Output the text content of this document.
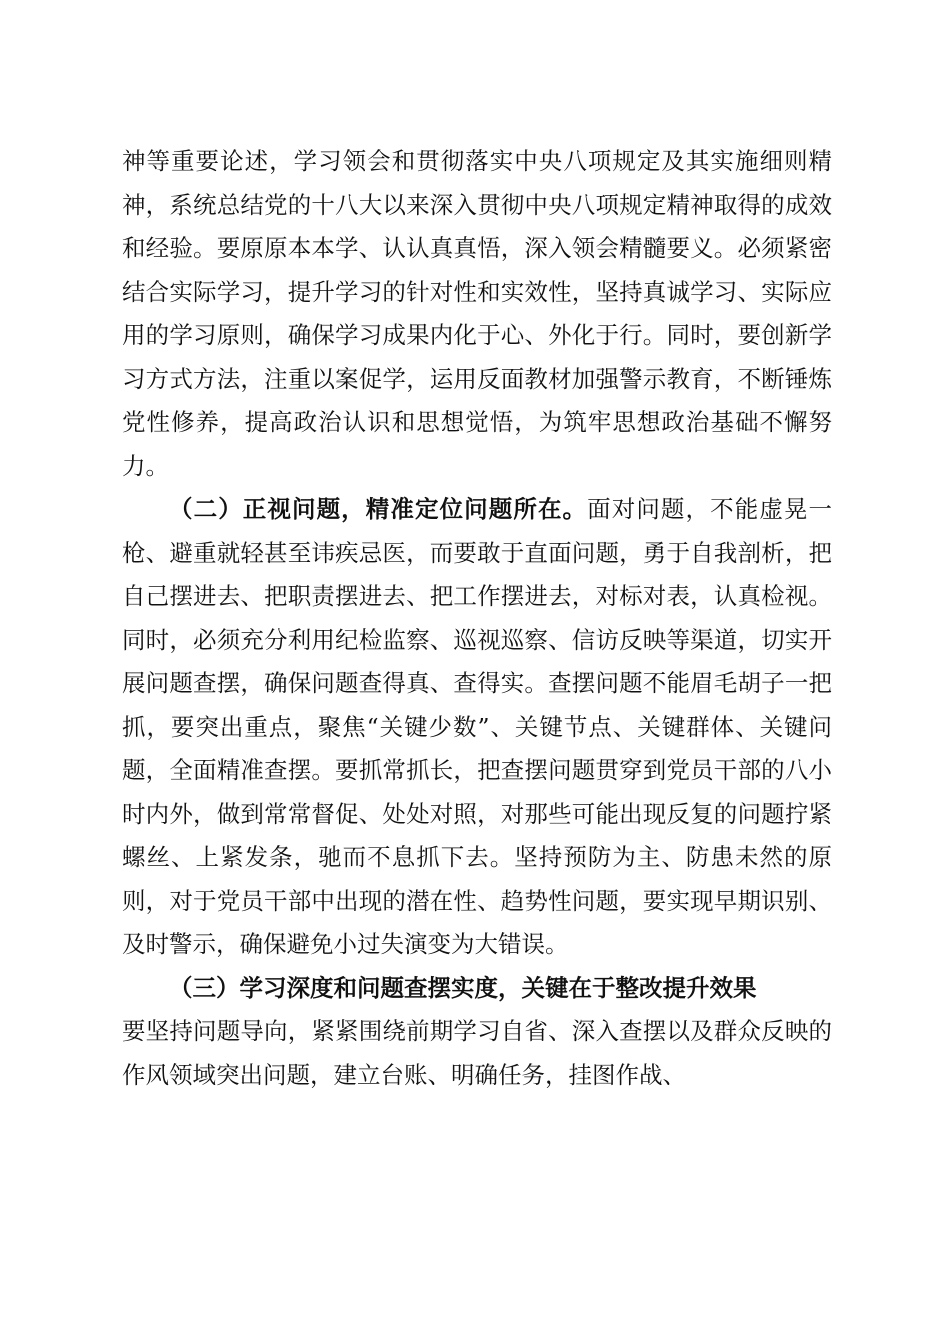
神等重要论述，学习领会和贯彻落实中央八项规定及其实施细则精神，系统总结党的十八大以来深入贯彻中央八项规定精神取得的成效和经验。要原原本本学、认认真真悟，深入领会精髓要义。必须紧密结合实际学习，提升学习的针对性和实效性，坚持真诚学习、实际应用的学习原则，确保学习成果内化于心、外化于行。同时，要创新学习方式方法，注重以案促学，运用反面教材加强警示教育，不断锤炼党性修养，提高政治认识和思想觉悟，为筑牢思想政治基础不懈努力。

（二）正视问题，精准定位问题所在。面对问题，不能虚晃一枪、避重就轻甚至讳疾忌医，而要敢于直面问题，勇于自我剖析，把自己摆进去、把职责摆进去、把工作摆进去，对标对表，认真检视。同时，必须充分利用纪检监察、巡视巡察、信访反映等渠道，切实开展问题查摆，确保问题查得真、查得实。查摆问题不能眉毛胡子一把抓，要突出重点，聚焦“关键少数”、关键节点、关键群体、关键问题，全面精准查摆。要抓常抓长，把查摆问题贯穿到党员干部的八小时内外，做到常常督促、处处对照，对那些可能出现反复的问题拧紧螺丝、上紧发条，驰而不息抓下去。坚持预防为主、防患未然的原则，对于党员干部中出现的潜在性、趋势性问题，要实现早期识别、及时警示，确保避免小过失演变为大错误。

（三）学习深度和问题查摆实度，关键在于整改提升效果
要坚持问题导向，紧紧围绕前期学习自省、深入查摆以及群众反映的作风领域突出问题，建立台账、明确任务，挂图作战、
